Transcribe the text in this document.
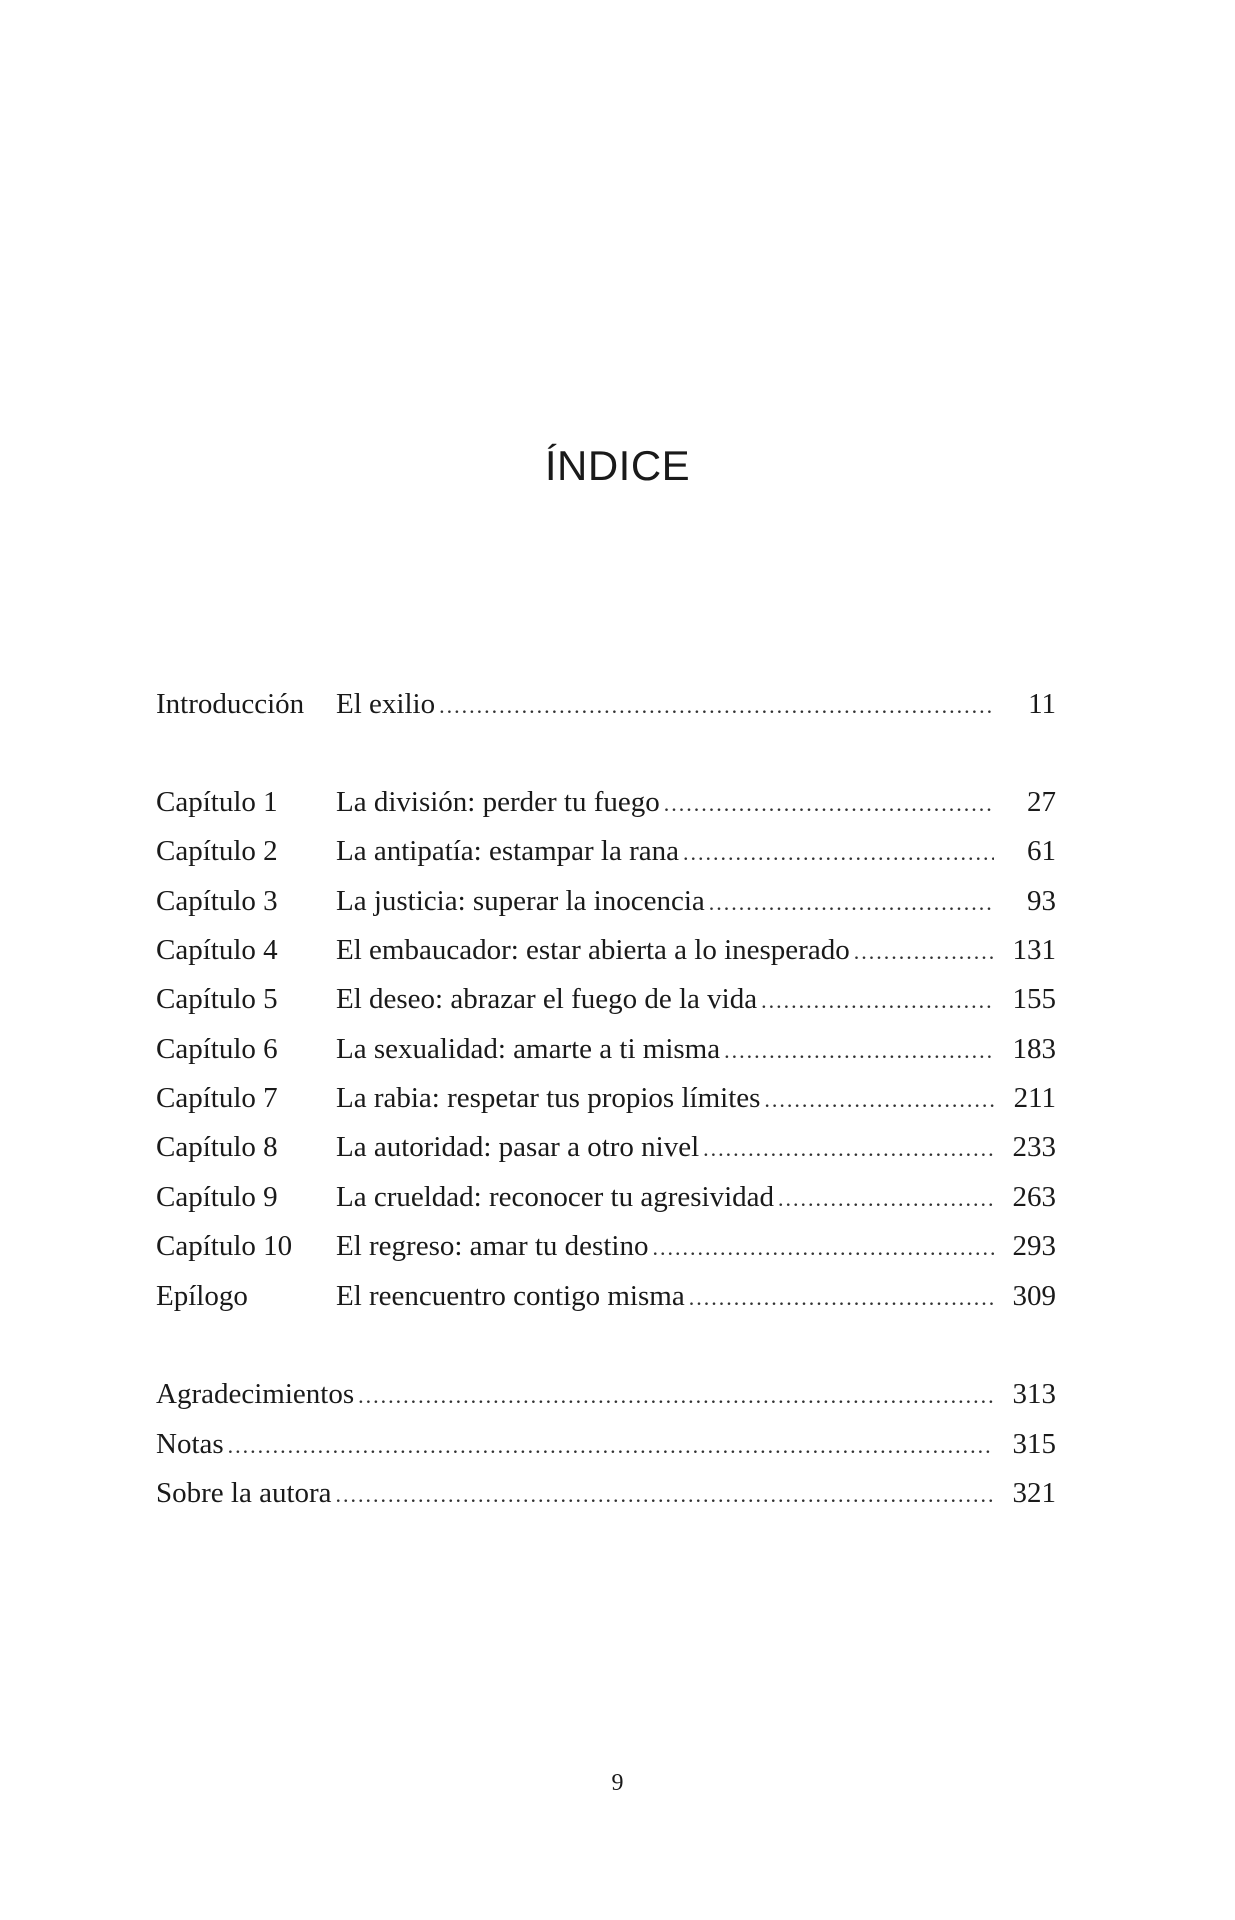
ÍNDICE
Introducción El exilio .....	11
Capítulo 1 La división: perder tu fuego .....	27
Capítulo 2 La antipatía: estampar la rana .....	61
Capítulo 3 La justicia: superar la inocencia .....	93
Capítulo 4 El embaucador: estar abierta a lo inesperado .....	131
Capítulo 5 El deseo: abrazar el fuego de la vida .....	155
Capítulo 6 La sexualidad: amarte a ti misma .....	183
Capítulo 7 La rabia: respetar tus propios límites .....	211
Capítulo 8 La autoridad: pasar a otro nivel .....	233
Capítulo 9 La crueldad: reconocer tu agresividad .....	263
Capítulo 10 El regreso: amar tu destino .....	293
Epílogo	El reencuentro contigo misma .....	309
Agradecimientos .....	313
Notas .....	315
Sobre la autora .....	321
9
